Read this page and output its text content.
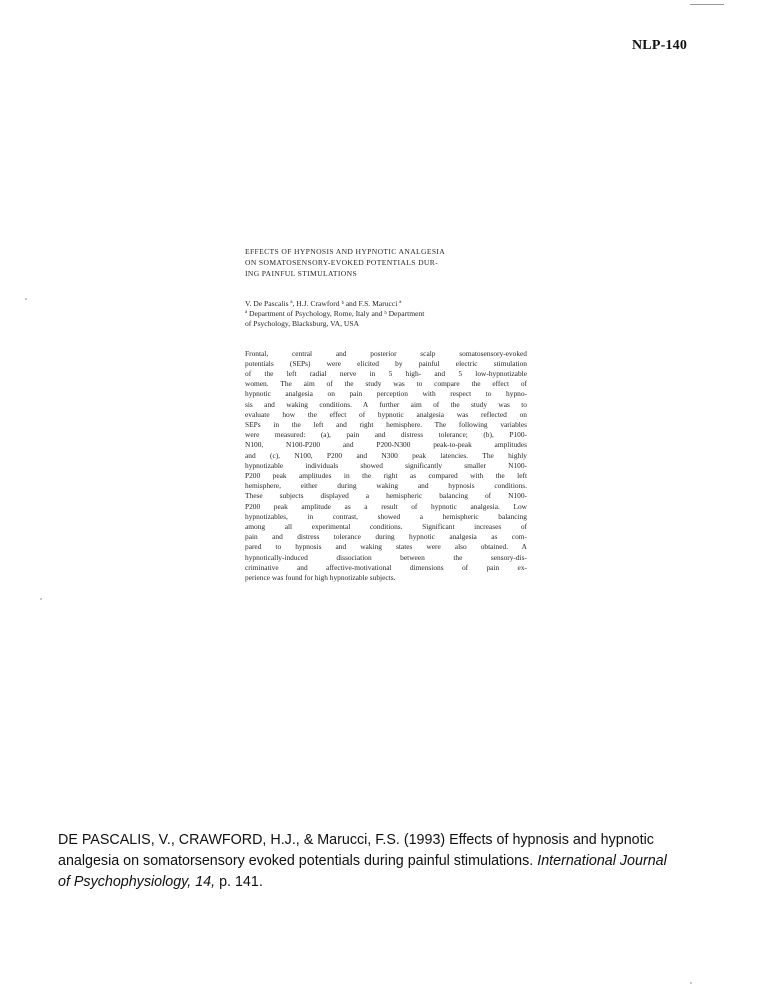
NLP-140
EFFECTS OF HYPNOSIS AND HYPNOTIC ANALGESIA
ON SOMATOSENSORY-EVOKED POTENTIALS DUR-
ING PAINFUL STIMULATIONS
V. De Pascalis ª, H.J. Crawford ᵇ and F.S. Marucci ª
ª Department of Psychology, Rome, Italy and ᵇ Department
of Psychology, Blacksburg, VA, USA
Frontal, central and posterior scalp somatosensory-evoked
potentials (SEPs) were elicited by painful electric stimulation
of the left radial nerve in 5 high- and 5 low-hypnotizable
women. The aim of the study was to compare the effect of
hypnotic analgesia on pain perception with respect to hypno-
sis and waking conditions. A further aim of the study was to
evaluate how the effect of hypnotic analgesia was reflected on
SEPs in the left and right hemisphere. The following variables
were measured: (a), pain and distress tolerance; (b), P100-
N100, N100-P200 and P200-N300 peak-to-peak amplitudes
and (c), N100, P200 and N300 peak latencies. The highly
hypnotizable individuals showed significantly smaller N100-
P200 peak amplitudes in the right as compared with the left
hemisphere, either during waking and hypnosis conditions.
These subjects displayed a hemispheric balancing of N100-
P200 peak amplitude as a result of hypnotic analgesia. Low
hypnotizables, in contrast, showed a hemispheric balancing
among all experimental conditions. Significant increases of
pain and distress tolerance during hypnotic analgesia as com-
pared to hypnosis and waking states were also obtained. A
hypnotically-induced dissociation between the sensory-dis-
criminative and affective-motivational dimensions of pain ex-
perience was found for high hypnotizable subjects.
DE PASCALIS, V., CRAWFORD, H.J., & Marucci, F.S. (1993) Effects of hypnosis and hypnotic
analgesia on somatorsensory evoked potentials during painful stimulations. International Journal
of Psychophysiology, 14, p. 141.
